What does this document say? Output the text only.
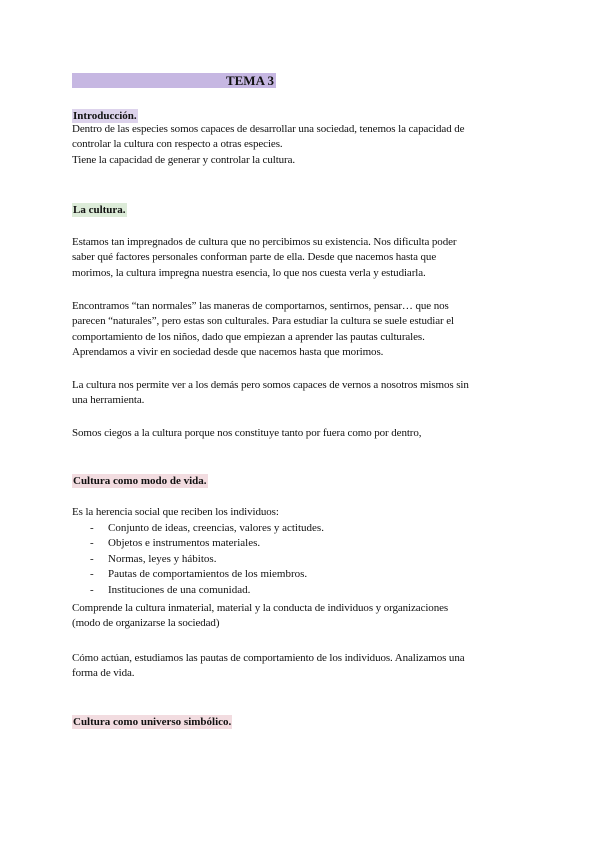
TEMA 3
Introducción.
Dentro de las especies somos capaces de desarrollar una sociedad, tenemos la capacidad de
controlar la cultura con respecto a otras especies.
Tiene la capacidad de generar y controlar la cultura.
La cultura.
Estamos tan impregnados de cultura que no percibimos su existencia. Nos dificulta poder
saber qué factores personales conforman parte de ella. Desde que nacemos hasta que
morimos, la cultura impregna nuestra esencia, lo que nos cuesta verla y estudiarla.
Encontramos “tan normales” las maneras de comportarnos, sentirnos, pensar… que nos
parecen “naturales”, pero estas son culturales. Para estudiar la cultura se suele estudiar el
comportamiento de los niños, dado que empiezan a aprender las pautas culturales.
Aprendamos a vivir en sociedad desde que nacemos hasta que morimos.
La cultura nos permite ver a los demás pero somos capaces de vernos a nosotros mismos sin
una herramienta.
Somos ciegos a la cultura porque nos constituye tanto por fuera como por dentro,
Cultura como modo de vida.
Es la herencia social que reciben los individuos:
- Conjunto de ideas, creencias, valores y actitudes.
- Objetos e instrumentos materiales.
- Normas, leyes y hábitos.
- Pautas de comportamientos de los miembros.
- Instituciones de una comunidad.
Comprende la cultura inmaterial, material y la conducta de individuos y organizaciones
(modo de organizarse la sociedad)
Cómo actúan, estudiamos las pautas de comportamiento de los individuos. Analizamos una
forma de vida.
Cultura como universo simbólico.
